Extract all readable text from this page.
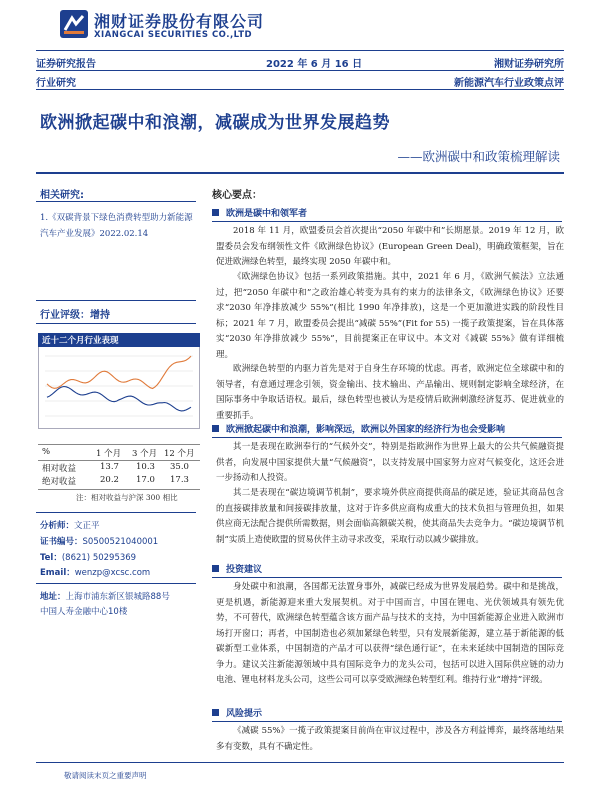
湘财证券股份有限公司
XIANGCAI SECURITIES CO.,LTD
证券研究报告	2022 年 6 月 16 日	湘财证券研究所
行业研究	新能源汽车行业政策点评
欧洲掀起碳中和浪潮，减碳成为世界发展趋势
——欧洲碳中和政策梳理解读
相关研究:
1.《双碳背景下绿色消费转型助力新能源汽车产业发展》2022.02.14
行业评级：增持
近十二个月行业表现
%	1 个月 3 个月 12 个月
相对收益	13.7 10.3 35.0
绝对收益	20.2 17.0 17.3
注：相对收益与沪深 300 相比
分析师：文正平
证书编号：S0500521040001
Tel：(8621) 50295369
Email：wenzp@xcsc.com
地址：上海市浦东新区银城路88号
中国人寿金融中心10楼
核心要点：
欧洲是碳中和领军者
2018 年 11 月，欧盟委员会首次提出“2050 年碳中和”长期愿景。2019 年 12 月，欧盟委员会发布纲领性文件《欧洲绿色协议》(European Green Deal)，明确政策框架，旨在促进欧洲绿色转型，最终实现 2050 年碳中和。
《欧洲绿色协议》包括一系列政策措施。其中，2021 年 6 月，《欧洲气候法》立法通过，把“2050 年碳中和”之政治雄心转变为具有约束力的法律条文，《欧洲绿色协议》还要求“2030 年净排放减少 55%”(相比 1990 年净排放)，这是一个更加激进实践的阶段性目标；2021 年 7 月，欧盟委员会提出“减碳 55%”(Fit for 55) 一揽子政策提案，旨在具体落实“2030 年净排放减少 55%”，目前提案正在审议中。本文对《减碳 55%》做有详细梳理。
欧洲绿色转型的内驱力首先是对于自身生存环境的忧虑。再者，欧洲定位全球碳中和的领导者，有意通过理念引领，资金输出、技术输出、产品输出、规则制定影响全球经济，在国际事务中争取话语权。最后，绿色转型也被认为是疫情后欧洲刺激经济复苏、促进就业的重要抓手。
欧洲掀起碳中和浪潮，影响深远，欧洲以外国家的经济行为也会受影响
其一是表现在欧洲奉行的“气候外交”，特别是指欧洲作为世界上最大的公共气候融资提供者，向发展中国家提供大量“气候融资”，以支持发展中国家努力应对气候变化，这还会进一步扬动和人投资。
其二是表现在“碳边境调节机制”，要求境外供应商提供商品的碳足迹，验证其商品包含的直接碳排放量和间接碳排放量，这对于许多供应商构成重大的技术负担与管理负担，如果供应商无法配合提供所需数据，则会面临高额碳关税，使其商品失去竞争力。“碳边境调节机制”实质上造使欧盟的贸易伙伴主动寻求改变，采取行动以减少碳排放。
投资建议
身处碳中和浪潮，各国都无法置身事外，减碳已经成为世界发展趋势。碳中和是挑战，更是机遇，新能源迎来重大发展契机。对于中国而言，中国在锂电、光伏领域具有领先优势，不可替代，欧洲绿色转型蕴含该方面产品与技术的支持，为中国新能源企业进入欧洲市场打开窗口；再者，中国制造也必须加紧绿色转型，只有发展新能源，建立基于新能源的低碳新型工业体系，中国制造的产品才可以获得“绿色通行证”，在未来延续中国制造的国际竞争力。建议关注新能源领域中具有国际竞争力的龙头公司，包括可以进入国际供应链的动力电池、锂电材料龙头公司，这些公司可以享受欧洲绿色转型红利。维持行业“增持”评级。
风险提示
《减碳 55%》一揽子政策提案目前尚在审议过程中，涉及各方利益博弈，最终落地结果多有变数，具有不确定性。
敬请阅读末页之重要声明
